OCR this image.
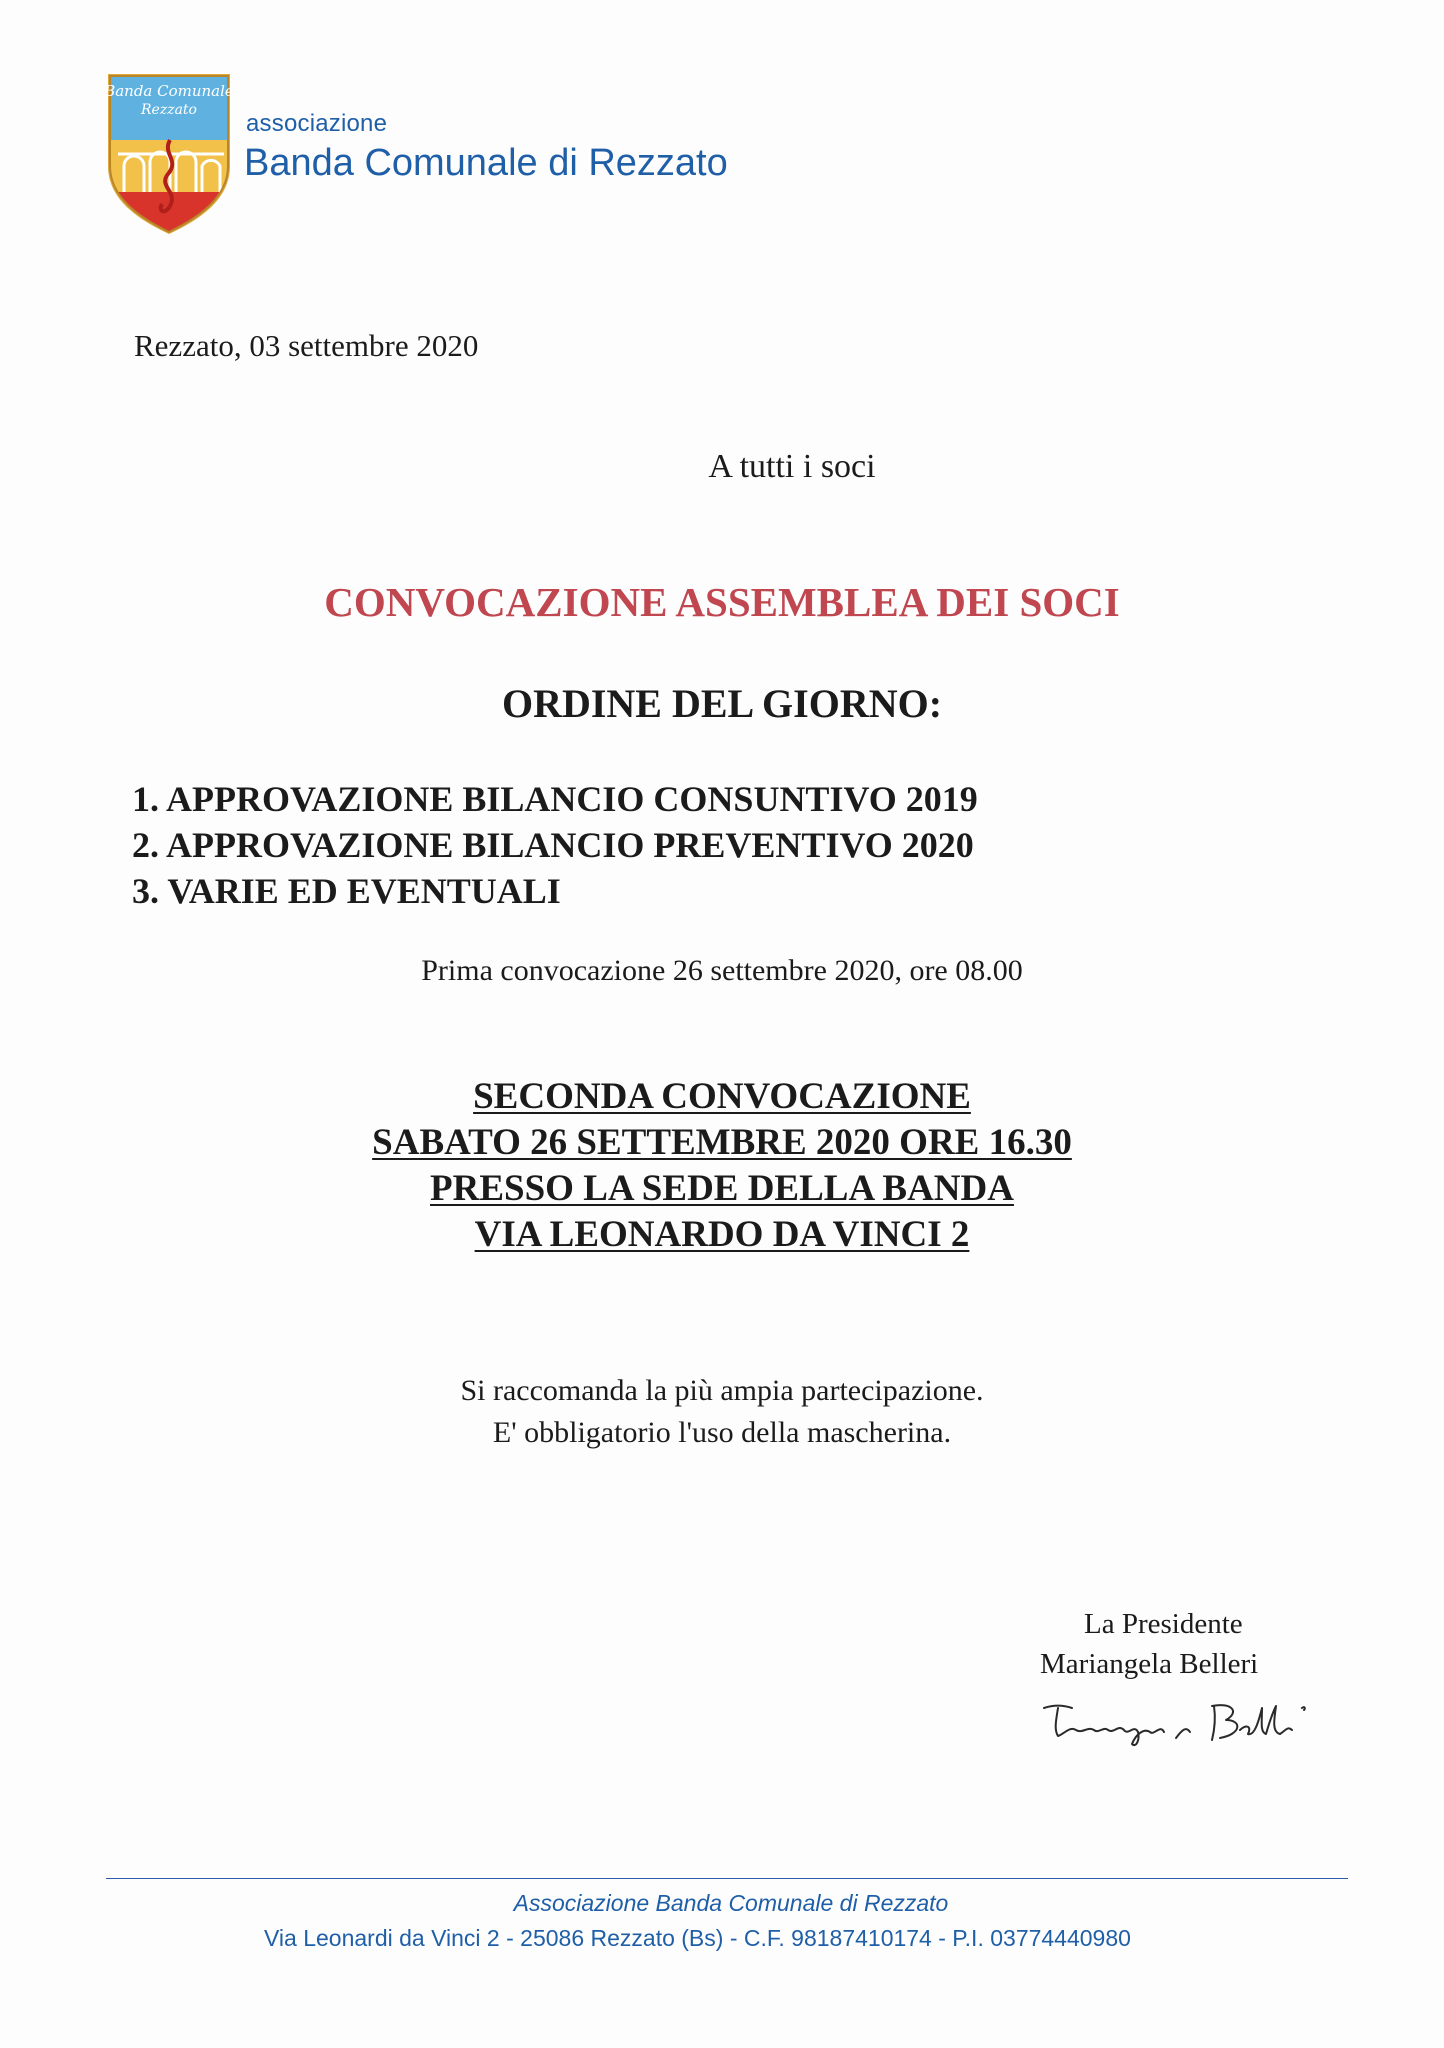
Banda Comunale
Rezzato associazione
Banda Comunale di Rezzato
Rezzato, 03 settembre 2020
A tutti i soci
CONVOCAZIONE ASSEMBLEA DEI SOCI
ORDINE DEL GIORNO:
1. APPROVAZIONE BILANCIO CONSUNTIVO 2019
2. APPROVAZIONE BILANCIO PREVENTIVO 2020
3. VARIE ED EVENTUALI
Prima convocazione 26 settembre 2020, ore 08.00
SECONDA CONVOCAZIONE
SABATO 26 SETTEMBRE 2020 ORE 16.30
PRESSO LA SEDE DELLA BANDA
VIA LEONARDO DA VINCI 2
Si raccomanda la più ampia partecipazione.
E' obbligatorio l'uso della mascherina.
La Presidente
Mariangela Belleri
Associazione Banda Comunale di Rezzato
Via Leonardi da Vinci 2 - 25086 Rezzato (Bs) - C.F. 98187410174 - P.I. 03774440980
